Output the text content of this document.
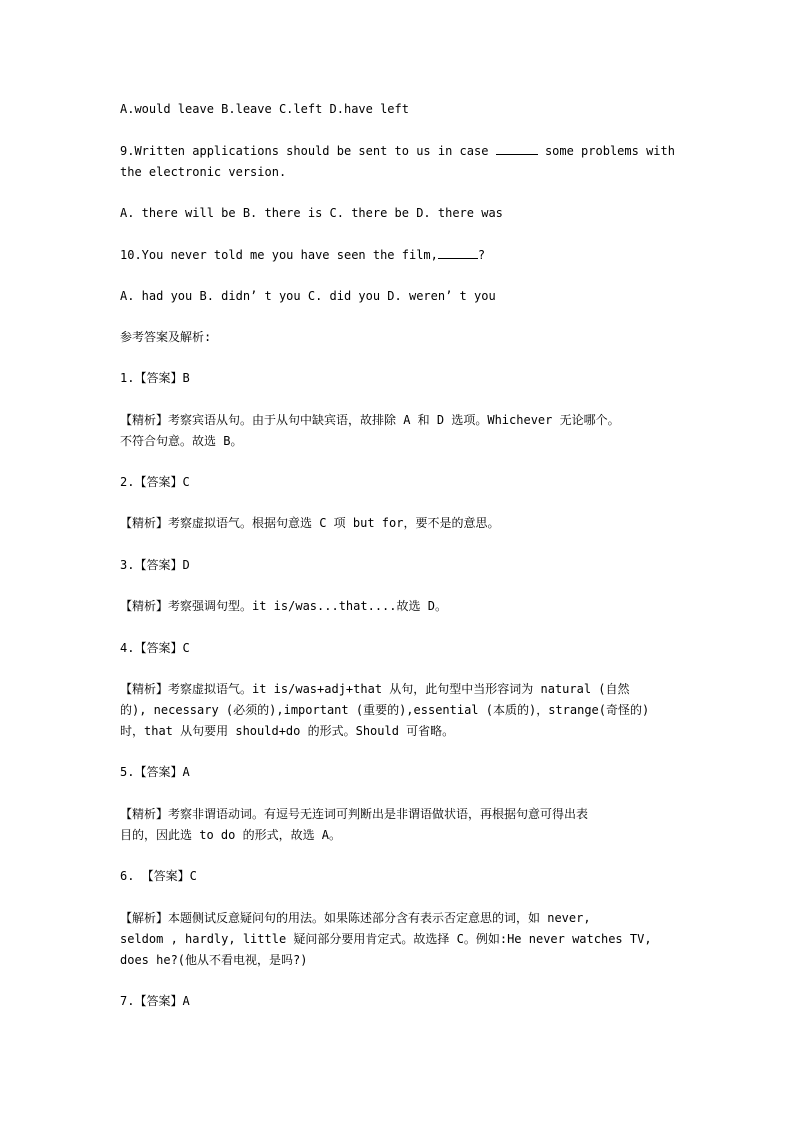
A.would leave B.leave C.left D.have left
9.Written applications should be sent to us in case	some problems with
the electronic version.
A. there will be B. there is C. there be D. there was
10.You never told me you have seen the film,	?
A. had you B. didn’ t you C. did you D. weren’ t you
参考答案及解析:
1.【答案】B
【精析】考察宾语从句。由于从句中缺宾语，故排除 A 和 D 选项。Whichever 无论哪个。
不符合句意。故选 B。
2.【答案】C
【精析】考察虚拟语气。根据句意选 C 项 but for，要不是的意思。
3.【答案】D
【精析】考察强调句型。it is/was...that....故选 D。
4.【答案】C
【精析】考察虚拟语气。it is/was+adj+that 从句，此句型中当形容词为 natural (自然
的), necessary (必须的),important (重要的),essential (本质的)，strange(奇怪的)
时，that 从句要用 should+do 的形式。Should 可省略。
5.【答案】A
【精析】考察非谓语动词。有逗号无连词可判断出是非谓语做状语，再根据句意可得出表
目的，因此选 to do 的形式，故选 A。
6. 【答案】C
【解析】本题侧试反意疑问句的用法。如果陈述部分含有表示否定意思的词，如 never,
seldom , hardly, little 疑问部分要用肯定式。故选择 C。例如:He never watches TV,
does he?(他从不看电视，是吗?)
7.【答案】A
